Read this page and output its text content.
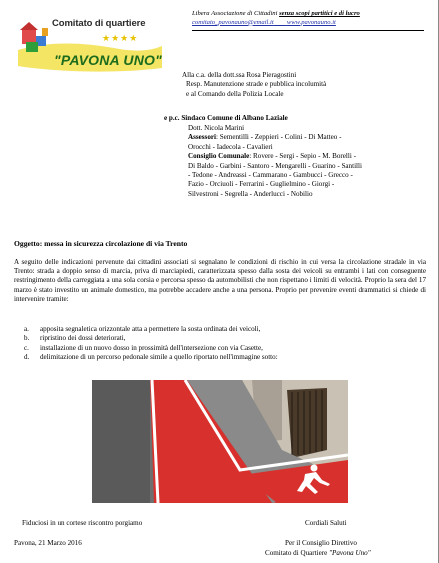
Comitato di quartiere
★★★★
"PAVONA UNO"
Libera Associazione di Cittadini senza scopi partitici e di lucro
comitato_pavonauno@email.it www.pavonauno.it
Alla c.a. della dott.ssa Rosa Pieragostini
Resp. Manutenzione strade e pubblica incolumità
e al Comando della Polizia Locale
e p.c. Sindaco Comune di Albano Laziale
Dott. Nicola Marini
Assessori: Sementilli - Zeppieri - Colini - Di Matteo -
Orocchi - Iadecola - Cavalieri
Consiglio Comunale: Rovere - Sergi - Sepio - M. Borelli -
Di Baldo - Garbini - Santoro - Mengarelli - Guarino - Santilli
- Tedone - Andreassi - Cammarano - Gambucci - Grecco -
Fazio - Orciuoli - Ferrarini - Guglielmino - Giorgi -
Silvestroni - Segrella - Anderlucci - Nobilio
Oggetto: messa in sicurezza circolazione di via Trento
A seguito delle indicazioni pervenute dai cittadini associati si segnalano le condizioni di rischio in cui versa la circolazione stradale in via Trento: strada a doppio senso di marcia, priva di marciapiedi, caratterizzata spesso dalla sosta dei veicoli su entrambi i lati con conseguente restringimento della carreggiata a una sola corsia e percorsa spesso da automobilisti che non rispettano i limiti di velocità. Proprio la sera del 17 marzo è stato investito un animale domestico, ma potrebbe accadere anche a una persona. Proprio per prevenire eventi drammatici si chiede di intervenire tramite:
a.	apposita segnaletica orizzontale atta a permettere la sosta ordinata dei veicoli,
b.	ripristino dei dossi deteriorati,
c.	installazione di un nuovo dosso in prossimità dell'intersezione con via Casette,
d.	delimitazione di un percorso pedonale simile a quello riportato nell'immagine sotto:
Fiduciosi in un cortese riscontro porgiamo	Cordiali Saluti
Pavona, 21 Marzo 2016	Per il Consiglio Direttivo
Comitato di Quartiere "Pavona Uno"
